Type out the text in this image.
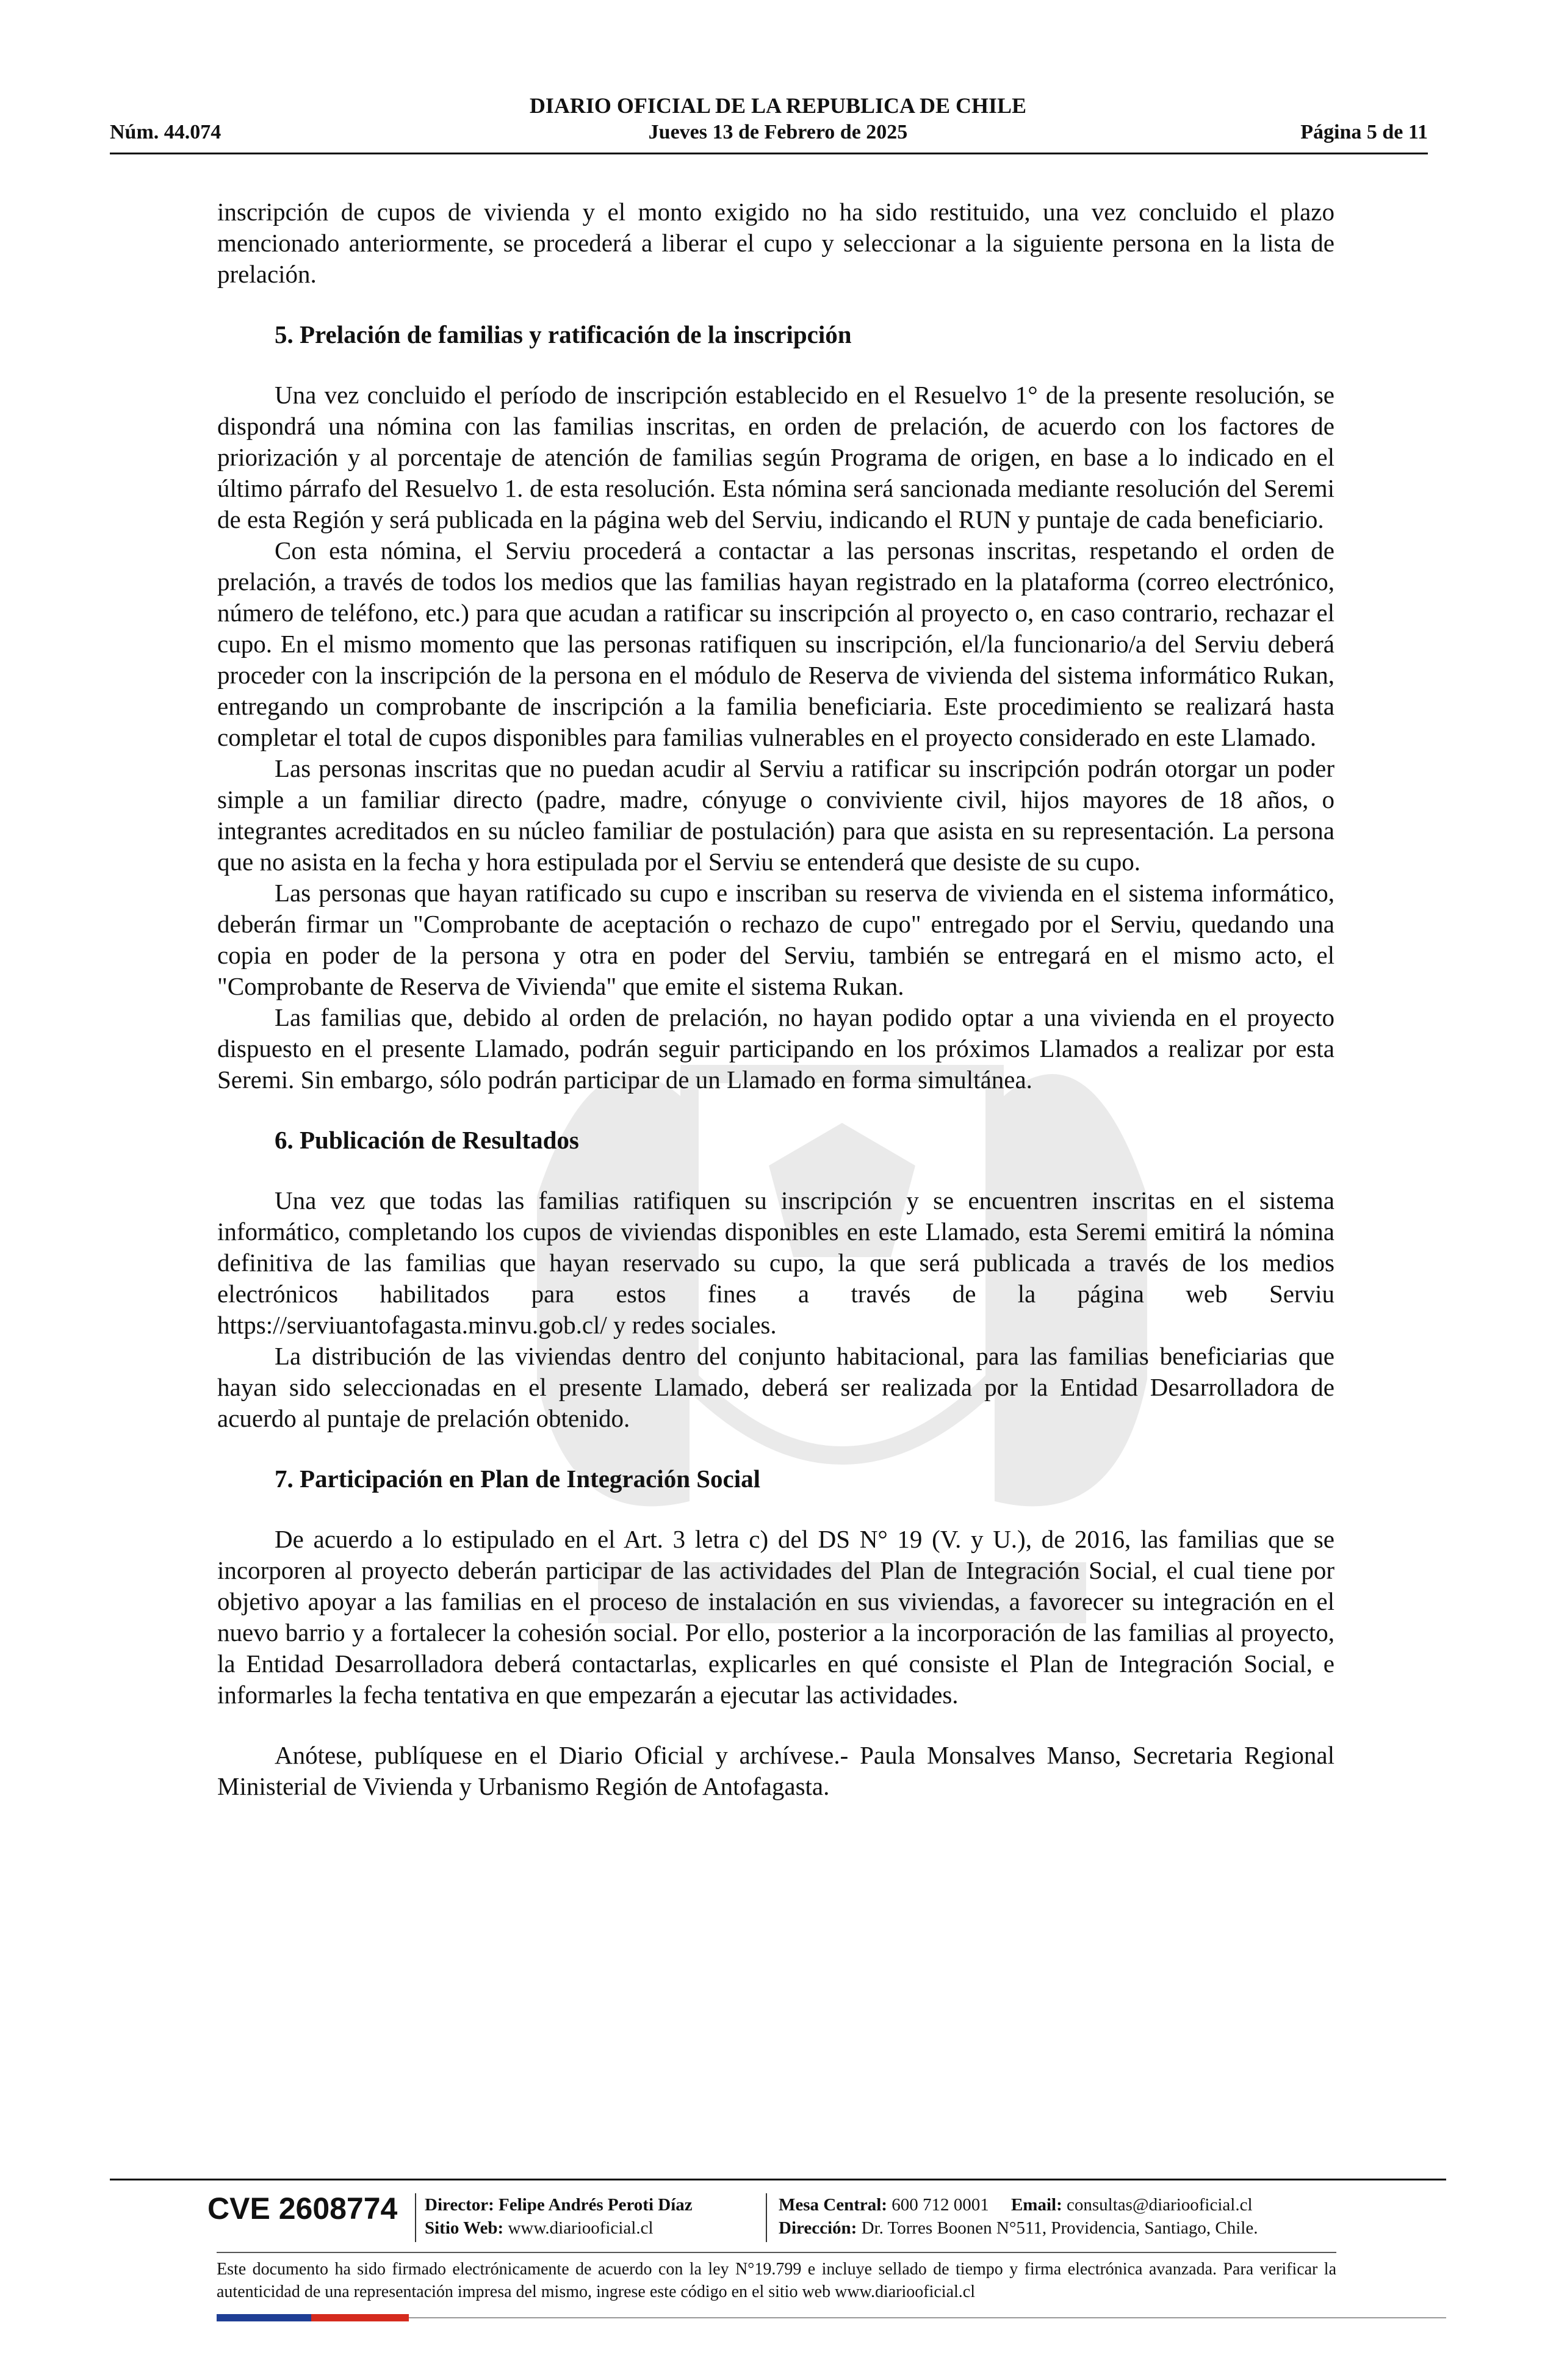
DIARIO OFICIAL DE LA REPUBLICA DE CHILE
Núm. 44.074	Jueves 13 de Febrero de 2025	Página 5 de 11

inscripción de cupos de vivienda y el monto exigido no ha sido restituido, una vez concluido el plazo mencionado anteriormente, se procederá a liberar el cupo y seleccionar a la siguiente persona en la lista de prelación.

5. Prelación de familias y ratificación de la inscripción

Una vez concluido el período de inscripción establecido en el Resuelvo 1° de la presente resolución, se dispondrá una nómina con las familias inscritas, en orden de prelación, de acuerdo con los factores de priorización y al porcentaje de atención de familias según Programa de origen, en base a lo indicado en el último párrafo del Resuelvo 1. de esta resolución. Esta nómina será sancionada mediante resolución del Seremi de esta Región y será publicada en la página web del Serviu, indicando el RUN y puntaje de cada beneficiario.

Con esta nómina, el Serviu procederá a contactar a las personas inscritas, respetando el orden de prelación, a través de todos los medios que las familias hayan registrado en la plataforma (correo electrónico, número de teléfono, etc.) para que acudan a ratificar su inscripción al proyecto o, en caso contrario, rechazar el cupo. En el mismo momento que las personas ratifiquen su inscripción, el/la funcionario/a del Serviu deberá proceder con la inscripción de la persona en el módulo de Reserva de vivienda del sistema informático Rukan, entregando un comprobante de inscripción a la familia beneficiaria. Este procedimiento se realizará hasta completar el total de cupos disponibles para familias vulnerables en el proyecto considerado en este Llamado.

Las personas inscritas que no puedan acudir al Serviu a ratificar su inscripción podrán otorgar un poder simple a un familiar directo (padre, madre, cónyuge o conviviente civil, hijos mayores de 18 años, o integrantes acreditados en su núcleo familiar de postulación) para que asista en su representación. La persona que no asista en la fecha y hora estipulada por el Serviu se entenderá que desiste de su cupo.

Las personas que hayan ratificado su cupo e inscriban su reserva de vivienda en el sistema informático, deberán firmar un "Comprobante de aceptación o rechazo de cupo" entregado por el Serviu, quedando una copia en poder de la persona y otra en poder del Serviu, también se entregará en el mismo acto, el "Comprobante de Reserva de Vivienda" que emite el sistema Rukan.

Las familias que, debido al orden de prelación, no hayan podido optar a una vivienda en el proyecto dispuesto en el presente Llamado, podrán seguir participando en los próximos Llamados a realizar por esta Seremi. Sin embargo, sólo podrán participar de un Llamado en forma simultánea.

6. Publicación de Resultados

Una vez que todas las familias ratifiquen su inscripción y se encuentren inscritas en el sistema informático, completando los cupos de viviendas disponibles en este Llamado, esta Seremi emitirá la nómina definitiva de las familias que hayan reservado su cupo, la que será publicada a través de los medios electrónicos habilitados para estos fines a través de la página web Serviu https://serviuantofagasta.minvu.gob.cl/ y redes sociales.

La distribución de las viviendas dentro del conjunto habitacional, para las familias beneficiarias que hayan sido seleccionadas en el presente Llamado, deberá ser realizada por la Entidad Desarrolladora de acuerdo al puntaje de prelación obtenido.

7. Participación en Plan de Integración Social

De acuerdo a lo estipulado en el Art. 3 letra c) del DS N° 19 (V. y U.), de 2016, las familias que se incorporen al proyecto deberán participar de las actividades del Plan de Integración Social, el cual tiene por objetivo apoyar a las familias en el proceso de instalación en sus viviendas, a favorecer su integración en el nuevo barrio y a fortalecer la cohesión social. Por ello, posterior a la incorporación de las familias al proyecto, la Entidad Desarrolladora deberá contactarlas, explicarles en qué consiste el Plan de Integración Social, e informarles la fecha tentativa en que empezarán a ejecutar las actividades.

Anótese, publíquese en el Diario Oficial y archívese.- Paula Monsalves Manso, Secretaria Regional Ministerial de Vivienda y Urbanismo Región de Antofagasta.

CVE 2608774 Director: Felipe Andrés Peroti Díaz
Sitio Web: www.diariooficial.cl
Mesa Central: 600 712 0001 Email: consultas@diariooficial.cl
Dirección: Dr. Torres Boonen N°511, Providencia, Santiago, Chile.
Este documento ha sido firmado electrónicamente de acuerdo con la ley N°19.799 e incluye sellado de tiempo y firma electrónica avanzada. Para verificar la autenticidad de una representación impresa del mismo, ingrese este código en el sitio web www.diariooficial.cl
